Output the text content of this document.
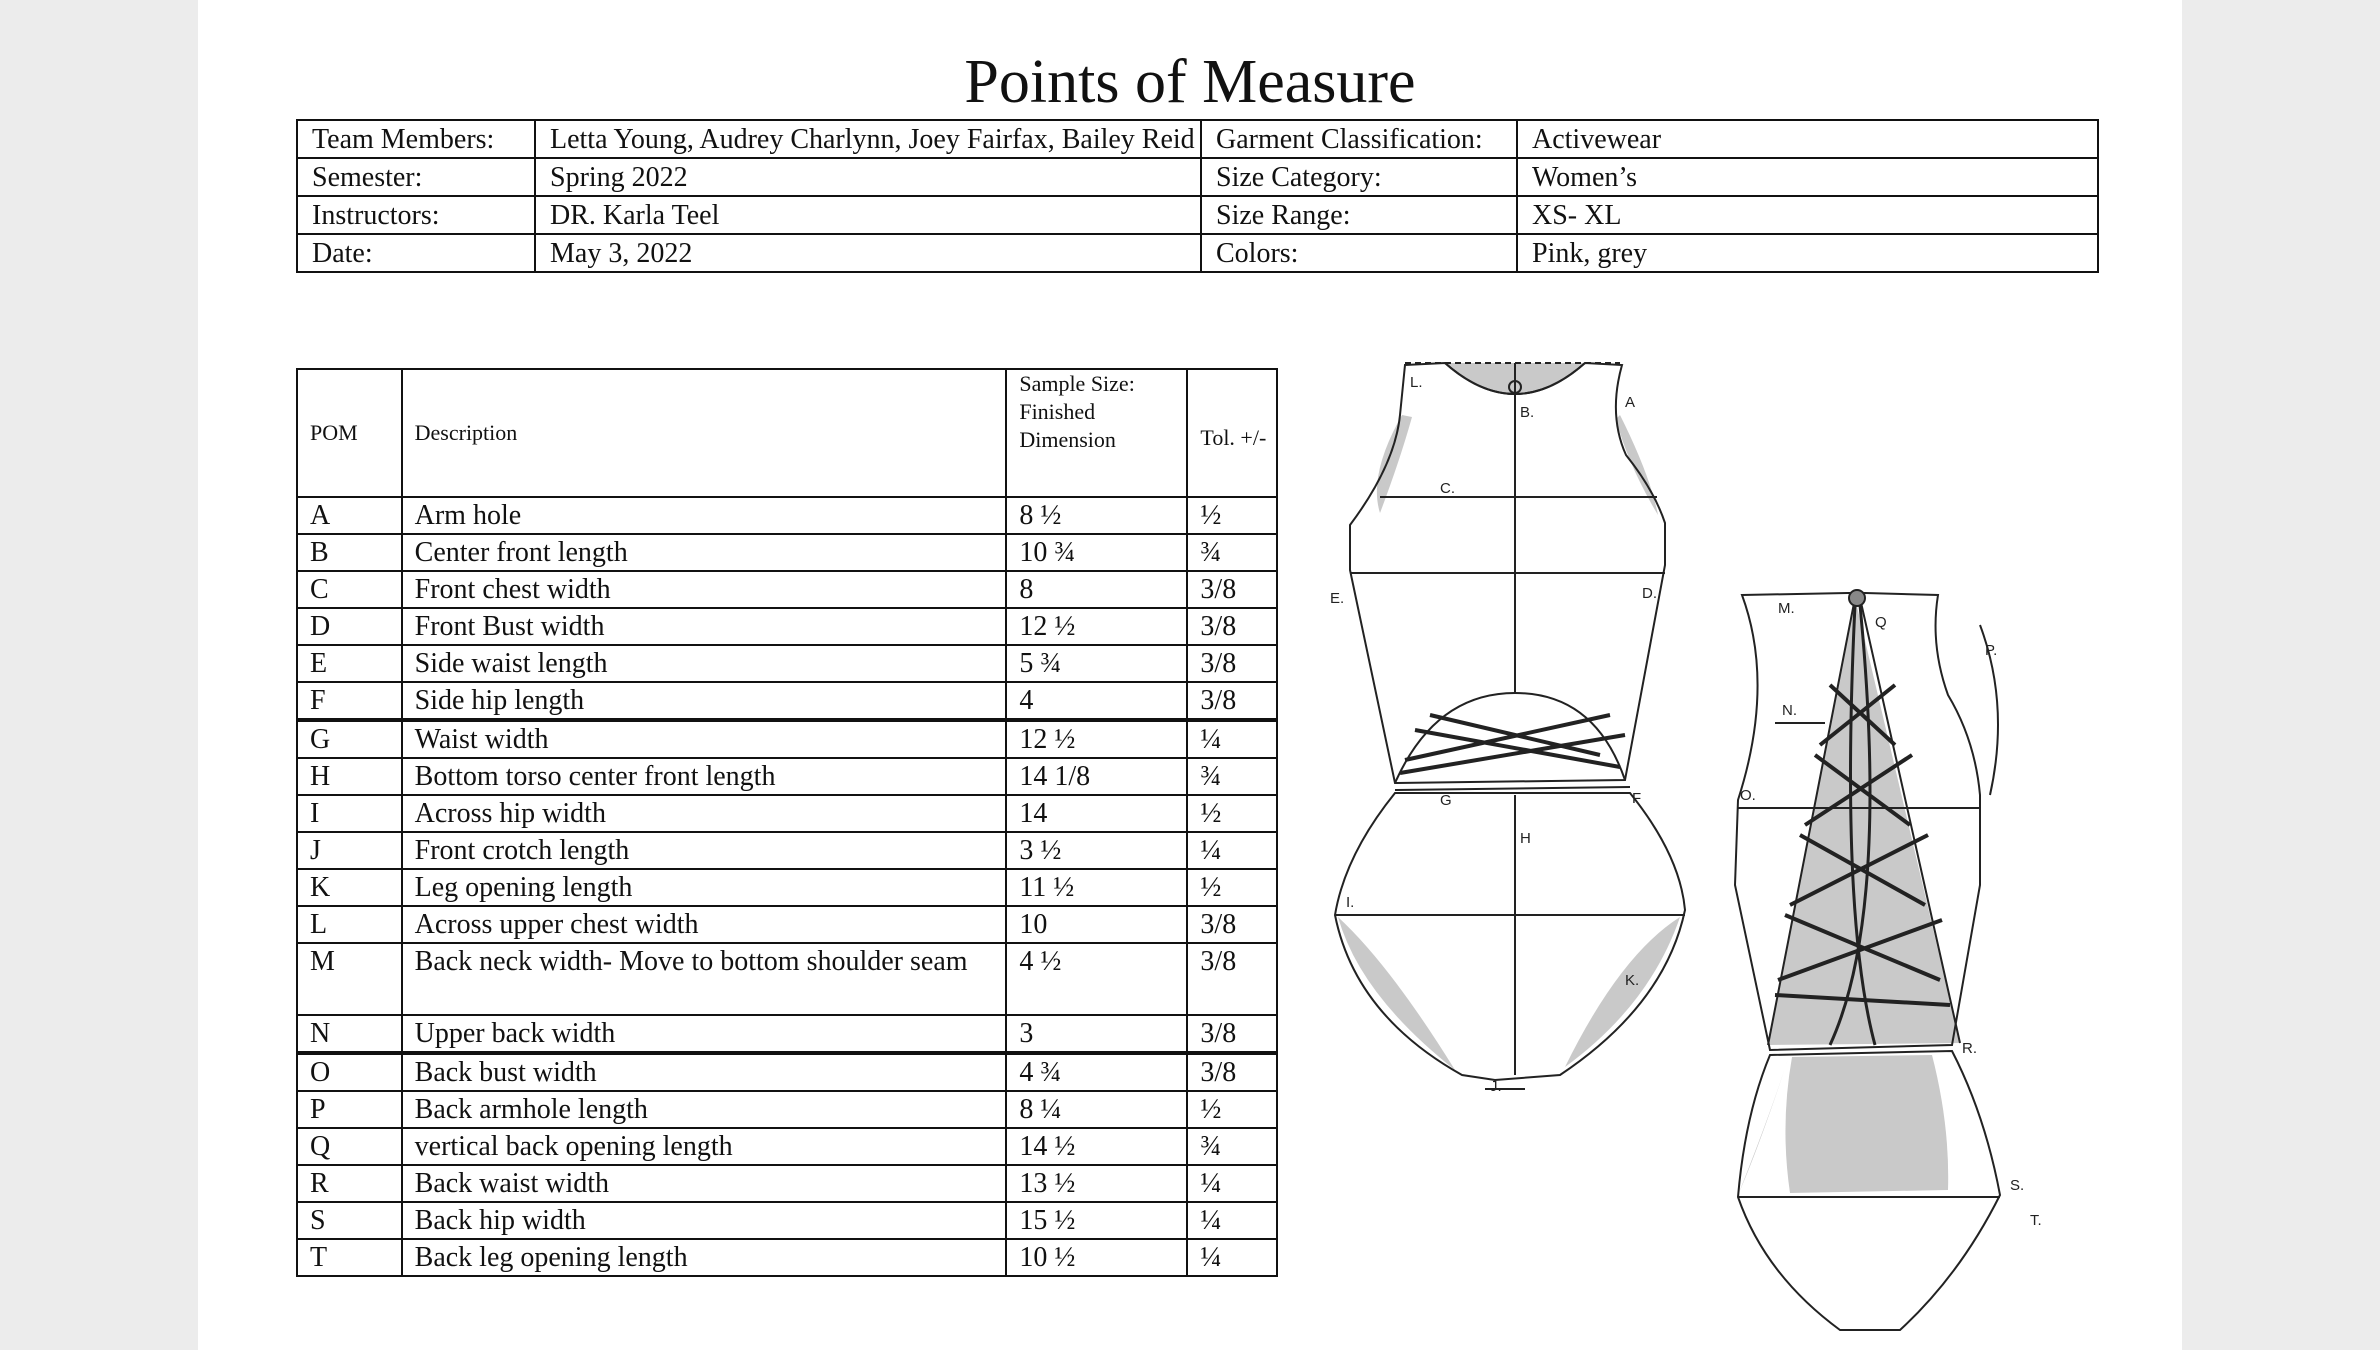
Points of Measure
Team Members:	Letta Young, Audrey Charlynn, Joey Fairfax, Bailey Reid	Garment Classification:	Activewear
Semester:	Spring 2022	Size Category:	Women’s
Instructors:	DR. Karla Teel	Size Range:	XS- XL
Date:	May 3, 2022	Colors:	Pink, grey
POM	Description	Sample Size: Finished Dimension	Tol. +/-
A	Arm hole	8 ½	½
B	Center front length	10 ¾	¾
C	Front chest width	8	3/8
D	Front Bust width	12 ½	3/8
E	Side waist length	5 ¾	3/8
F	Side hip length	4	3/8
G	Waist width	12 ½	¼
H	Bottom torso center front length	14 1/8	¾
I	Across hip width	14	½
J	Front crotch length	3 ½	¼
K	Leg opening length	11 ½	½
L	Across upper chest width	10	3/8
M	Back neck width- Move to bottom shoulder seam	4 ½	3/8
N	Upper back width	3	3/8
O	Back bust width	4 ¾	3/8
P	Back armhole length	8 ¼	½
Q	vertical back opening length	14 ½	¾
R	Back waist width	13 ½	¼
S	Back hip width	15 ½	¼
T	Back leg opening length	10 ½	¼
L.
B.
A
C.
E.	D.
G	F
H
I.
K.
J.
M.
Q
P.
N.
O.
R.
S.
T.
